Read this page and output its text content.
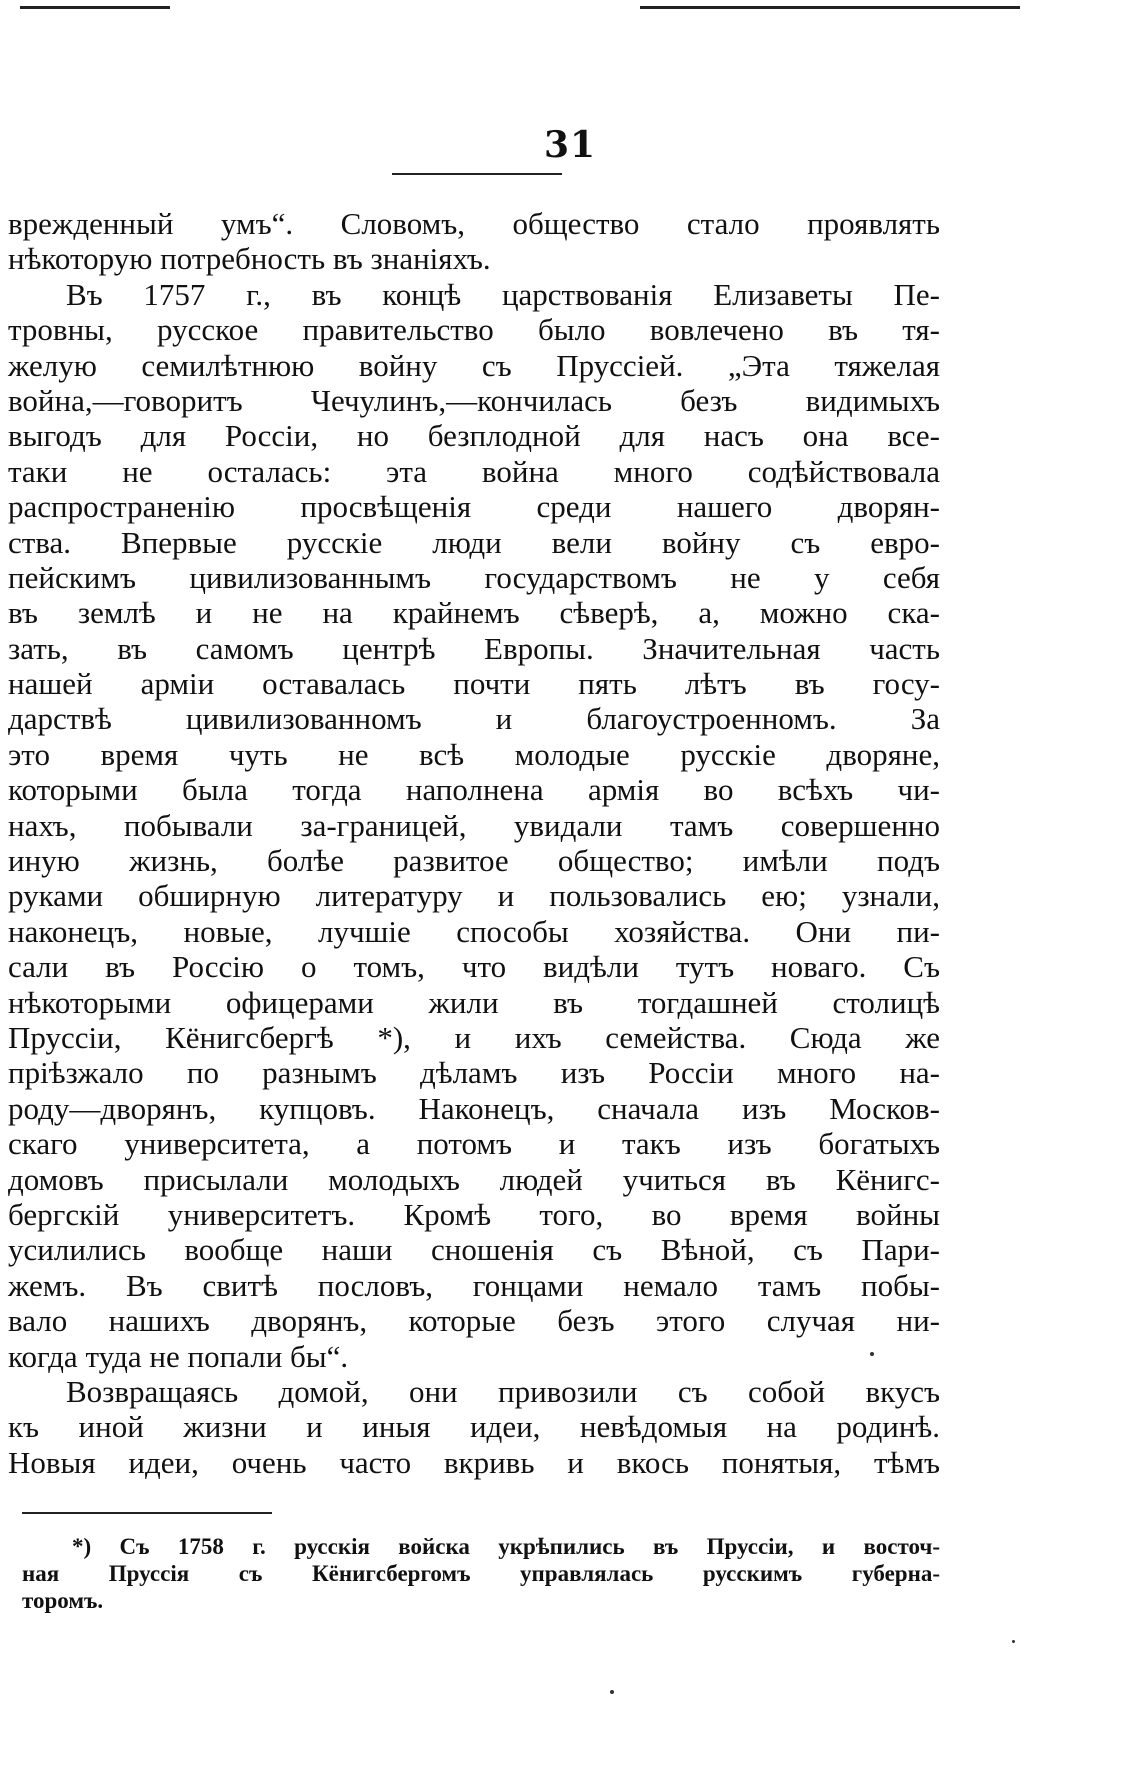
31
врежденный умъ“. Словомъ, общество стало проявлять
нѣкоторую потребность въ знаніяхъ.
Въ 1757 г., въ концѣ царствованія Елизаветы Пе-
тровны, русское правительство было вовлечено въ тя-
желую семилѣтнюю войну съ Пруссіей. „Эта тяжелая
война,—говоритъ Чечулинъ,—кончилась безъ видимыхъ
выгодъ для Россіи, но безплодной для насъ она все-
таки не осталась: эта война много содѣйствовала
распространенію просвѣщенія среди нашего дворян-
ства. Впервые русскіе люди вели войну съ евро-
пейскимъ цивилизованнымъ государствомъ не у себя
въ землѣ и не на крайнемъ сѣверѣ, а, можно ска-
зать, въ самомъ центрѣ Европы. Значительная часть
нашей арміи оставалась почти пять лѣтъ въ госу-
дарствѣ цивилизованномъ и благоустроенномъ. За
это время чуть не всѣ молодые русскіе дворяне,
которыми была тогда наполнена армія во всѣхъ чи-
нахъ, побывали за-границей, увидали тамъ совершенно
иную жизнь, болѣе развитое общество; имѣли подъ
руками обширную литературу и пользовались ею; узнали,
наконецъ, новые, лучшіе способы хозяйства. Они пи-
сали въ Россію о томъ, что видѣли тутъ новаго. Съ
нѣкоторыми офицерами жили въ тогдашней столицѣ
Пруссіи, Кёнигсбергѣ *), и ихъ семейства. Сюда же
пріѣзжало по разнымъ дѣламъ изъ Россіи много на-
роду—дворянъ, купцовъ. Наконецъ, сначала изъ Москов-
скаго университета, а потомъ и такъ изъ богатыхъ
домовъ присылали молодыхъ людей учиться въ Кёнигс-
бергскій университетъ. Кромѣ того, во время войны
усилились вообще наши сношенія съ Вѣной, съ Пари-
жемъ. Въ свитѣ пословъ, гонцами немало тамъ побы-
вало нашихъ дворянъ, которые безъ этого случая ни-
когда туда не попали бы“.
Возвращаясь домой, они привозили съ собой вкусъ
къ иной жизни и иныя идеи, невѣдомыя на родинѣ.
Новыя идеи, очень часто вкривь и вкось понятыя, тѣмъ
*) Съ 1758 г. русскія войска укрѣпились въ Пруссіи, и восточ-
ная Пруссія съ Кёнигсбергомъ управлялась русскимъ губерна-
торомъ.
